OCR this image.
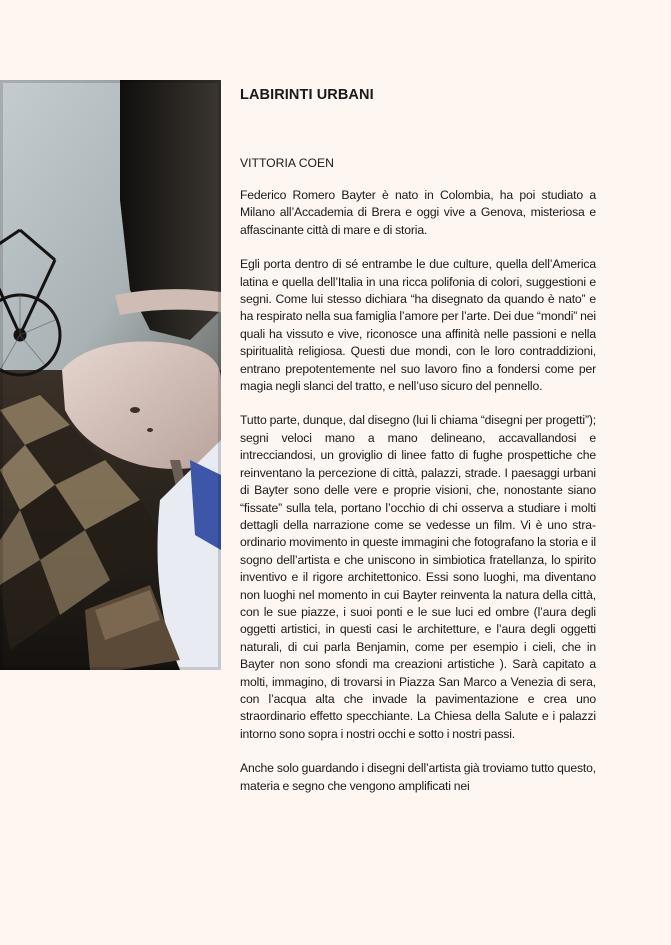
LABIRINTI URBANI

VITTORIA COEN

Federico Romero Bayter è nato in Colombia, ha poi studiato a Milano all’Accademia di Brera e oggi vive a Genova, misteriosa e affascinante città di mare e di storia.

Egli porta dentro di sé entrambe le due culture, quella dell’America latina e quella dell’Italia in una ricca polifonia di colori, suggestioni e segni. Come lui stesso dichiara “ha disegnato da quando è nato” e ha respirato nella sua famiglia l’amore per l’arte. Dei due “mondi” nei quali ha vissuto e vive, riconosce una affinità nelle passioni e nella spiritualità religiosa. Questi due mondi, con le loro contraddizioni, entrano prepotentemente nel suo lavoro fino a fondersi come per magia negli slanci del tratto, e nell’uso sicuro del pennello.

Tutto parte, dunque, dal disegno (lui li chiama “disegni per progetti”); segni veloci mano a mano delineano, accavallandosi e intrecciandosi, un groviglio di linee fatto di fughe prospettiche che reinventano la percezione di città, palazzi, strade. I paesaggi urbani di Bayter sono delle vere e proprie visioni, che, nonostante siano “fissate” sulla tela, portano l’occhio di chi osserva a studiare i molti dettagli della narrazione come se vedesse un film. Vi è uno straordinario movimento in queste immagini che fotografano la storia e il sogno dell’artista e che uniscono in simbiotica fratellanza, lo spirito inventivo e il rigore architettonico. Essi sono luoghi, ma diventano non luoghi nel momento in cui Bayter reinventa la natura della città, con le sue piazze, i suoi ponti e le sue luci ed ombre (l’aura degli oggetti artistici, in questi casi le architetture, e l’aura degli oggetti naturali, di cui parla Benjamin, come per esempio i cieli, che in Bayter non sono sfondi ma creazioni artistiche ). Sarà capitato a molti, immagino, di trovarsi in Piazza San Marco a Venezia di sera, con l’acqua alta che invade la pavimentazione e crea uno straordinario effetto specchiante. La Chiesa della Salute e i palazzi intorno sono sopra i nostri occhi e sotto i nostri passi.

Anche solo guardando i disegni dell’artista già troviamo tutto questo, materia e segno che vengono amplificati nei
